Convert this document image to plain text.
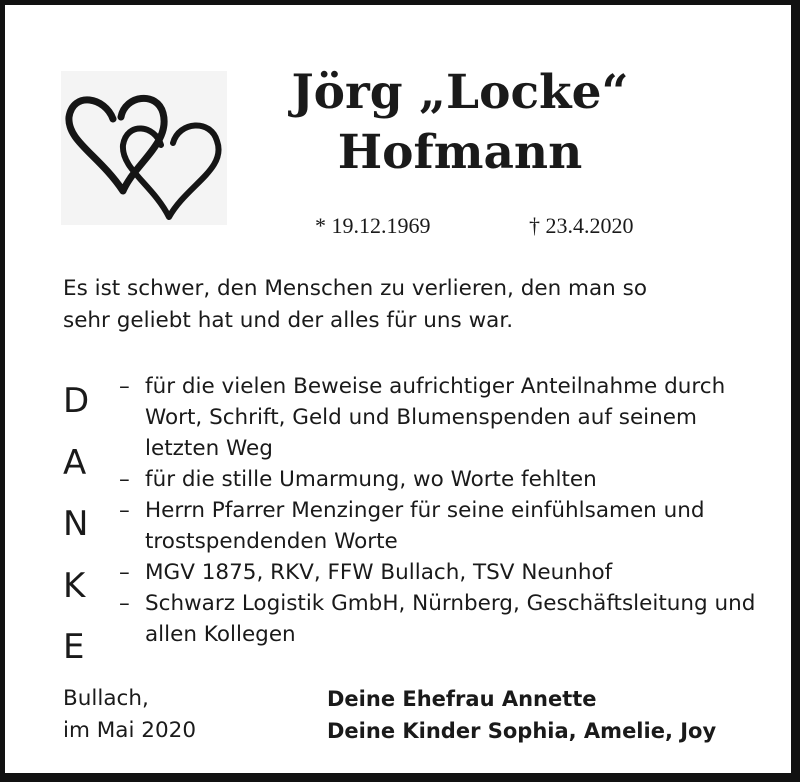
Jörg „Locke“
Hofmann
* 19.12.1969	† 23.4.2020
Es ist schwer, den Menschen zu verlieren, den man so
sehr geliebt hat und der alles für uns war.
D
A
N
K
E
– für die vielen Beweise aufrichtiger Anteilnahme durch Wort, Schrift, Geld und Blumenspenden auf seinem letzten Weg
– für die stille Umarmung, wo Worte fehlten
– Herrn Pfarrer Menzinger für seine einfühlsamen und trostspendenden Worte
– MGV 1875, RKV, FFW Bullach, TSV Neunhof
– Schwarz Logistik GmbH, Nürnberg, Geschäftsleitung und allen Kollegen
Bullach,
im Mai 2020
Deine Ehefrau Annette
Deine Kinder Sophia, Amelie, Joy
